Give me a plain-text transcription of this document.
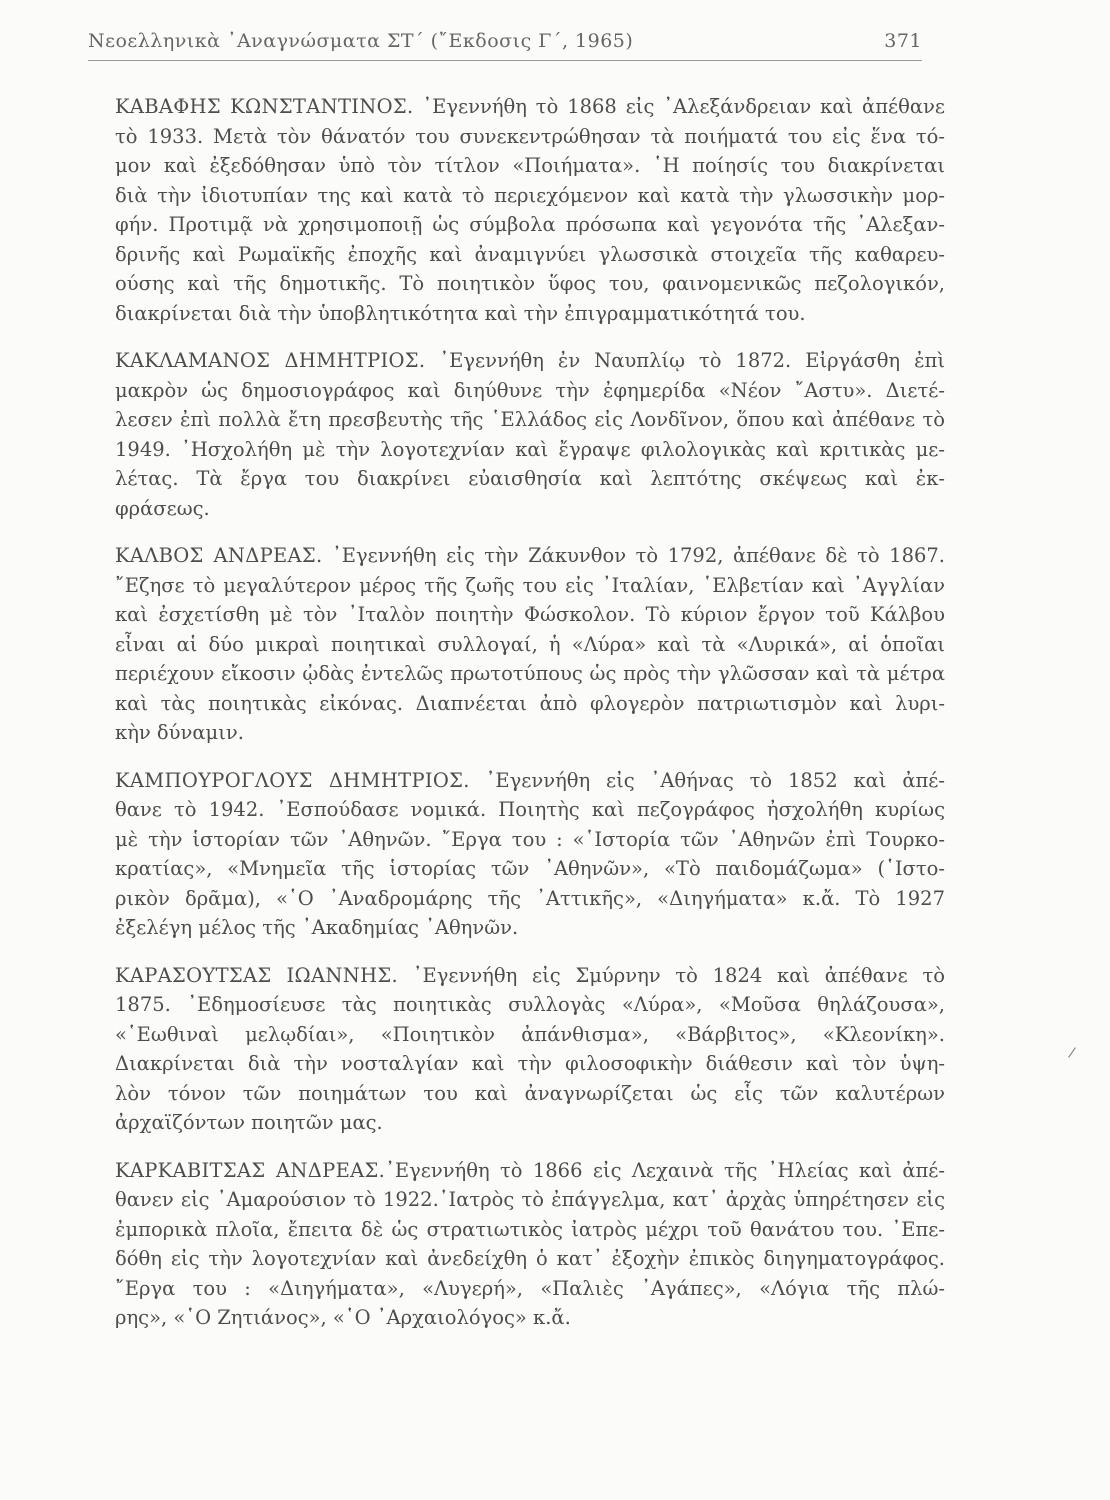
Νεοελληνικὰ ᾿Αναγνώσματα ΣΤ΄ (῎Εκδοσις Γ΄, 1965)	371
ΚΑΒΑΦΗΣ ΚΩΝΣΤΑΝΤΙΝΟΣ. ᾿Εγεννήθη τὸ 1868 εἰς ᾿Αλεξάνδρειαν καὶ ἀπέθανε
τὸ 1933. Μετὰ τὸν θάνατόν του συνεκεντρώθησαν τὰ ποιήματά του εἰς ἕνα τό-
μον καὶ ἐξεδόθησαν ὑπὸ τὸν τίτλον «Ποιήματα». ῾Η ποίησίς του διακρίνεται
διὰ τὴν ἰδιοτυπίαν της καὶ κατὰ τὸ περιεχόμενον καὶ κατὰ τὴν γλωσσικὴν μορ-
φήν. Προτιμᾷ νὰ χρησιμοποιῇ ὡς σύμβολα πρόσωπα καὶ γεγονότα τῆς ᾿Αλεξαν-
δρινῆς καὶ Ρωμαϊκῆς ἐποχῆς καὶ ἀναμιγνύει γλωσσικὰ στοιχεῖα τῆς καθαρευ-
ούσης καὶ τῆς δημοτικῆς. Τὸ ποιητικὸν ὕφος του, φαινομενικῶς πεζολογικόν,
διακρίνεται διὰ τὴν ὑποβλητικότητα καὶ τὴν ἐπιγραμματικότητά του.
ΚΑΚΛΑΜΑΝΟΣ ΔΗΜΗΤΡΙΟΣ. ᾿Εγεννήθη ἐν Ναυπλίῳ τὸ 1872. Εἰργάσθη ἐπὶ
μακρὸν ὡς δημοσιογράφος καὶ διηύθυνε τὴν ἐφημερίδα «Νέον ῎Αστυ». Διετέ-
λεσεν ἐπὶ πολλὰ ἔτη πρεσβευτὴς τῆς ῾Ελλάδος εἰς Λονδῖνον, ὅπου καὶ ἀπέθανε τὸ
1949. ᾿Ησχολήθη μὲ τὴν λογοτεχνίαν καὶ ἔγραψε φιλολογικὰς καὶ κριτικὰς με-
λέτας. Τὰ ἔργα του διακρίνει εὐαισθησία καὶ λεπτότης σκέψεως καὶ ἐκ-
φράσεως.
ΚΑΛΒΟΣ ΑΝΔΡΕΑΣ. ᾿Εγεννήθη εἰς τὴν Ζάκυνθον τὸ 1792, ἀπέθανε δὲ τὸ 1867.
῎Εζησε τὸ μεγαλύτερον μέρος τῆς ζωῆς του εἰς ᾿Ιταλίαν, ῾Ελβετίαν καὶ ᾿Αγγλίαν
καὶ ἐσχετίσθη μὲ τὸν ᾿Ιταλὸν ποιητὴν Φώσκολον. Τὸ κύριον ἔργον τοῦ Κάλβου
εἶναι αἱ δύο μικραὶ ποιητικαὶ συλλογαί, ἡ «Λύρα» καὶ τὰ «Λυρικά», αἱ ὁποῖαι
περιέχουν εἴκοσιν ᾠδὰς ἐντελῶς πρωτοτύπους ὡς πρὸς τὴν γλῶσσαν καὶ τὰ μέτρα
καὶ τὰς ποιητικὰς εἰκόνας. Διαπνέεται ἀπὸ φλογερὸν πατριωτισμὸν καὶ λυρι-
κὴν δύναμιν.
ΚΑΜΠΟΥΡΟΓΛΟΥΣ ΔΗΜΗΤΡΙΟΣ. ᾿Εγεννήθη εἰς ᾿Αθήνας τὸ 1852 καὶ ἀπέ-
θανε τὸ 1942. ᾿Εσπούδασε νομικά. Ποιητὴς καὶ πεζογράφος ἠσχολήθη κυρίως
μὲ τὴν ἱστορίαν τῶν ᾿Αθηνῶν. ῎Εργα του : «῾Ιστορία τῶν ᾿Αθηνῶν ἐπὶ Τουρκο-
κρατίας», «Μνημεῖα τῆς ἱστορίας τῶν ᾿Αθηνῶν», «Τὸ παιδομάζωμα» (῾Ιστο-
ρικὸν δρᾶμα), «῾Ο ᾿Αναδρομάρης τῆς ᾿Αττικῆς», «Διηγήματα» κ.ἄ. Τὸ 1927
ἐξελέγη μέλος τῆς ᾿Ακαδημίας ᾿Αθηνῶν.
ΚΑΡΑΣΟΥΤΣΑΣ ΙΩΑΝΝΗΣ. ᾿Εγεννήθη εἰς Σμύρνην τὸ 1824 καὶ ἀπέθανε τὸ
1875. ᾿Εδημοσίευσε τὰς ποιητικὰς συλλογὰς «Λύρα», «Μοῦσα θηλάζουσα»,
«῾Εωθιναὶ μελῳδίαι», «Ποιητικὸν ἀπάνθισμα», «Βάρβιτος», «Κλεονίκη».
Διακρίνεται διὰ τὴν νοσταλγίαν καὶ τὴν φιλοσοφικὴν διάθεσιν καὶ τὸν ὑψη-
λὸν τόνον τῶν ποιημάτων του καὶ ἀναγνωρίζεται ὡς εἷς τῶν καλυτέρων
ἀρχαϊζόντων ποιητῶν μας.
ΚΑΡΚΑΒΙΤΣΑΣ ΑΝΔΡΕΑΣ.᾿Εγεννήθη τὸ 1866 εἰς Λεχαινὰ τῆς ᾿Ηλείας καὶ ἀπέ-
θανεν εἰς ᾿Αμαρούσιον τὸ 1922.᾿Ιατρὸς τὸ ἐπάγγελμα, κατ᾿ ἀρχὰς ὑπηρέτησεν εἰς
ἐμπορικὰ πλοῖα, ἔπειτα δὲ ὡς στρατιωτικὸς ἰατρὸς μέχρι τοῦ θανάτου του. ᾿Επε-
δόθη εἰς τὴν λογοτεχνίαν καὶ ἀνεδείχθη ὁ κατ᾿ ἐξοχὴν ἐπικὸς διηγηματογράφος.
῎Εργα του : «Διηγήματα», «Λυγερή», «Παλιὲς ᾿Αγάπες», «Λόγια τῆς πλώ-
ρης», «῾Ο Ζητιάνος», «῾Ο ᾿Αρχαιολόγος» κ.ἄ.
